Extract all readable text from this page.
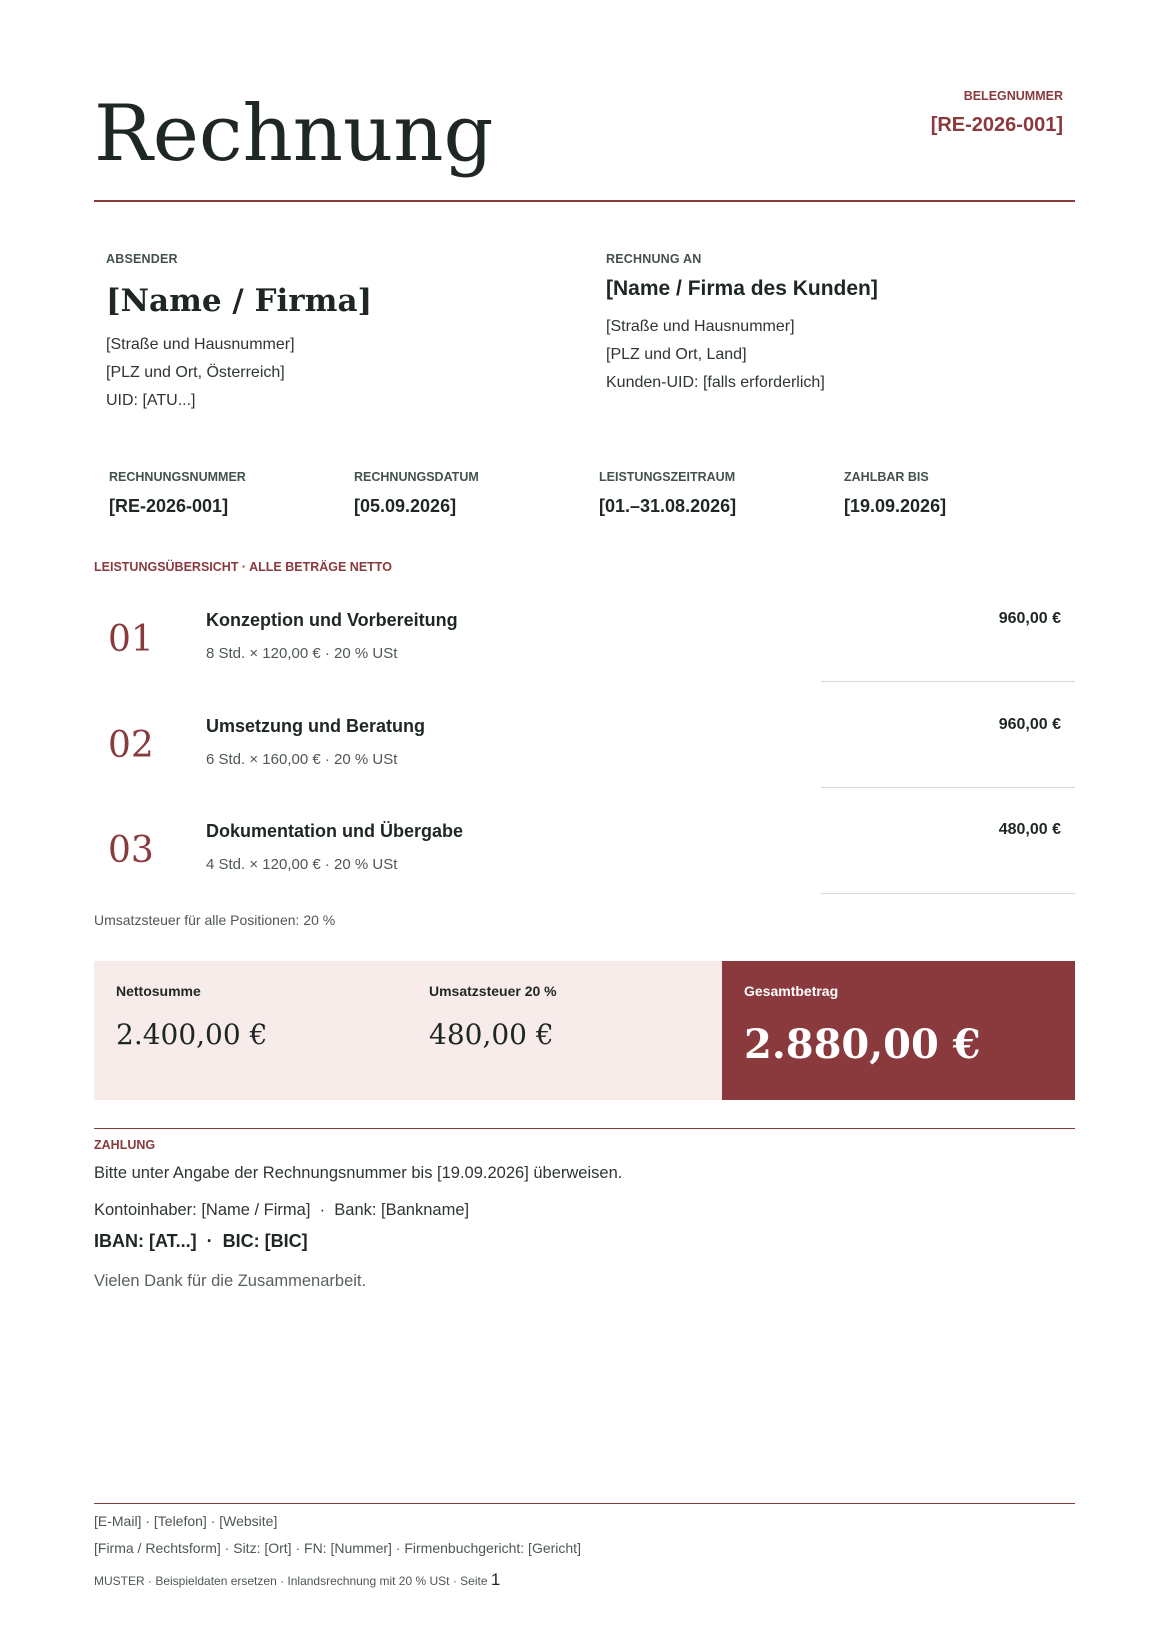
Rechnung	BELEGNUMMER
[RE-2026-001]
ABSENDER
[Name / Firma]
[Straße und Hausnummer]
[PLZ und Ort, Österreich]
UID: [ATU...]
RECHNUNG AN
[Name / Firma des Kunden]
[Straße und Hausnummer]
[PLZ und Ort, Land]
Kunden-UID: [falls erforderlich]
RECHNUNGSNUMMER
[RE-2026-001]
RECHNUNGSDATUM
[05.09.2026]
LEISTUNGSZEITRAUM
[01.–31.08.2026]
ZAHLBAR BIS
[19.09.2026]
LEISTUNGSÜBERSICHT · ALLE BETRÄGE NETTO
01	Konzeption und Vorbereitung
8 Std. × 120,00 € · 20 % USt
960,00 €
02	Umsetzung und Beratung
6 Std. × 160,00 € · 20 % USt
960,00 €
03	Dokumentation und Übergabe
4 Std. × 120,00 € · 20 % USt
480,00 €
Umsatzsteuer für alle Positionen: 20 %
Nettosumme
2.400,00 €
Umsatzsteuer 20 %
480,00 €
Gesamtbetrag
2.880,00 €
ZAHLUNG
Bitte unter Angabe der Rechnungsnummer bis [19.09.2026] überweisen.
Kontoinhaber: [Name / Firma]  ·  Bank: [Bankname]
IBAN: [AT...]  ·  BIC: [BIC]
Vielen Dank für die Zusammenarbeit.
[E-Mail] · [Telefon] · [Website]
[Firma / Rechtsform] · Sitz: [Ort] · FN: [Nummer] · Firmenbuchgericht: [Gericht]
MUSTER · Beispieldaten ersetzen · Inlandsrechnung mit 20 % USt · Seite 1
